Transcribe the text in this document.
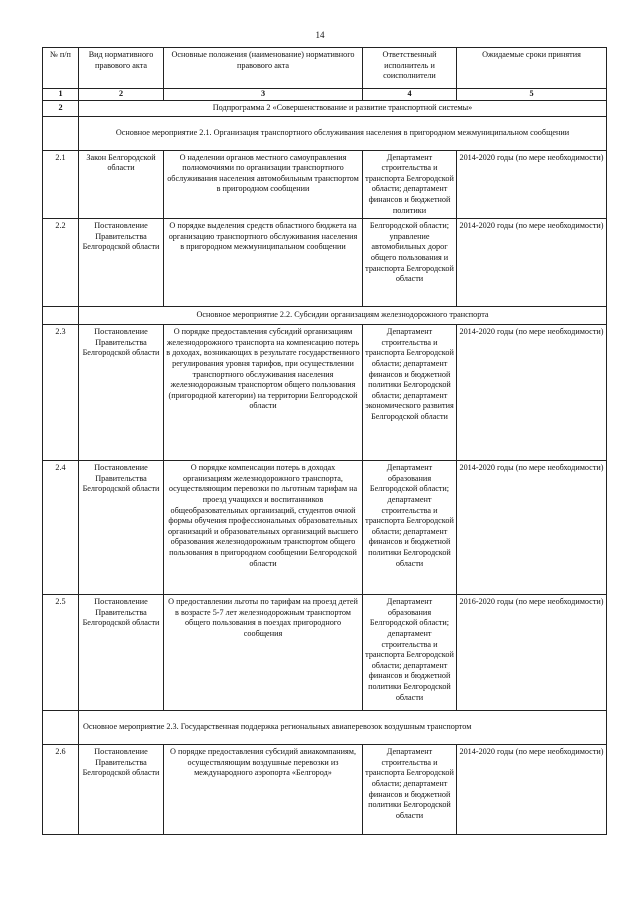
14
№ п/п	Вид нормативного правового акта	Основные положения (наименование) нормативного правового акта	Ответственный исполнитель и соисполнители	Ожидаемые сроки принятия
1	2	3	4	5
2	Подпрограмма 2 «Совершенствование и развитие транспортной системы»			
	Основное мероприятие 2.1. Организация транспортного обслуживания населения в пригородном межмуниципальном сообщении			
2.1	Закон Белгородской области	О наделении органов местного самоуправления полномочиями по организации транспортного обслуживания населения автомобильным транспортом в пригородном сообщении	Департамент строительства и транспорта Белгородской области; департамент финансов и бюджетной политики	2014-2020 годы (по мере необходимости)
2.2	Постановление Правительства Белгородской области	О порядке выделения средств областного бюджета на организацию транспортного обслуживания населения в пригородном межмуниципальном сообщении	Белгородской области; управление автомобильных дорог общего пользования и транспорта Белгородской области	2014-2020 годы (по мере необходимости)
	Основное мероприятие 2.2. Субсидии организациям железнодорожного транспорта			
2.3	Постановление Правительства Белгородской области	О порядке предоставления субсидий организациям железнодорожного транспорта на компенсацию потерь в доходах, возникающих в результате государственного регулирования уровня тарифов, при осуществлении транспортного обслуживания населения железнодорожным транспортом общего пользования (пригородной категории) на территории Белгородской области	Департамент строительства и транспорта Белгородской области; департамент финансов и бюджетной политики Белгородской области; департамент экономического развития Белгородской области	2014-2020 годы (по мере необходимости)
2.4	Постановление Правительства Белгородской области	О порядке компенсации потерь в доходах организациям железнодорожного транспорта, осуществляющим перевозки по льготным тарифам на проезд учащихся и воспитанников общеобразовательных организаций, студентов очной формы обучения профессиональных образовательных организаций и образовательных организаций высшего образования железнодорожным транспортом общего пользования в пригородном сообщении Белгородской области	Департамент образования Белгородской области; департамент строительства и транспорта Белгородской области; департамент финансов и бюджетной политики Белгородской области	2014-2020 годы (по мере необходимости)
2.5	Постановление Правительства Белгородской области	О предоставлении льготы по тарифам на проезд детей в возрасте 5-7 лет железнодорожным транспортом общего пользования в поездах пригородного сообщения	Департамент образования Белгородской области; департамент строительства и транспорта Белгородской области; департамент финансов и бюджетной политики Белгородской области	2016-2020 годы (по мере необходимости)
	Основное мероприятие 2.3. Государственная поддержка региональных авиаперевозок воздушным транспортом			
2.6	Постановление Правительства Белгородской области	О порядке предоставления субсидий авиакомпаниям, осуществляющим воздушные перевозки из международного аэропорта «Белгород»	Департамент строительства и транспорта Белгородской области; департамент финансов и бюджетной политики Белгородской области	2014-2020 годы (по мере необходимости)
